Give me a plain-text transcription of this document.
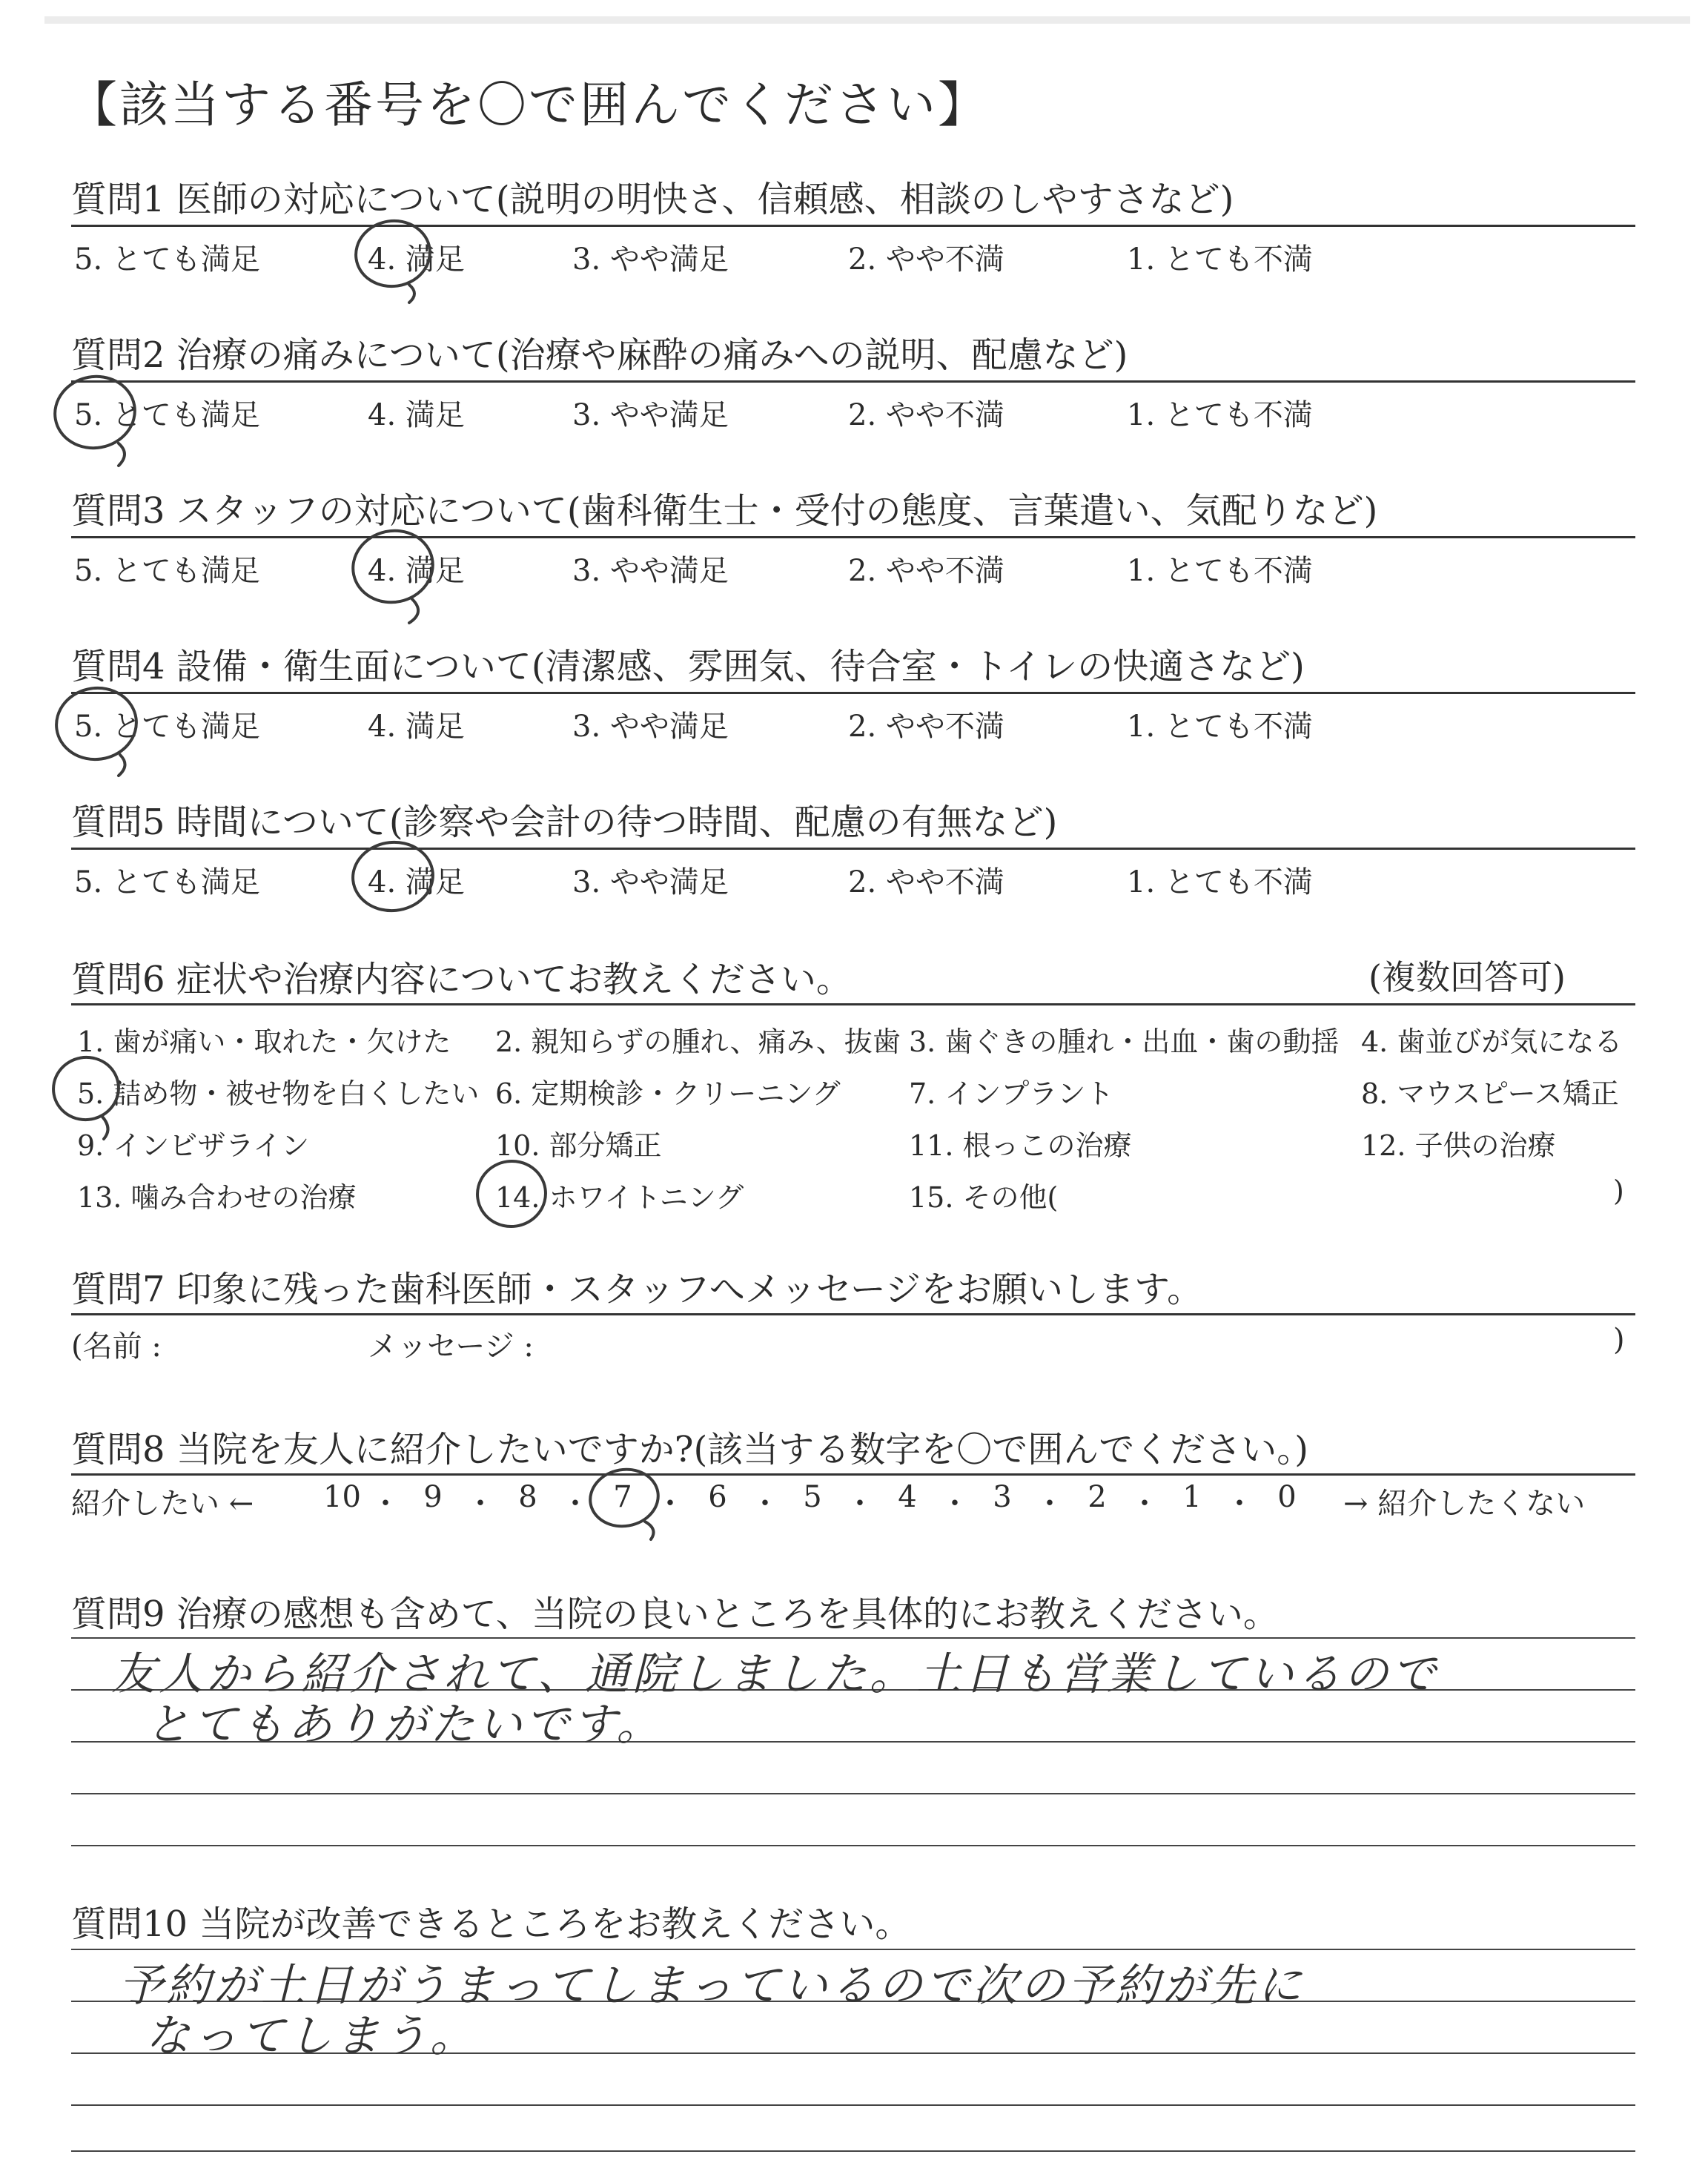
【該当する番号を〇で囲んでください】
質問1 医師の対応について(説明の明快さ、信頼感、相談のしやすさなど)
5. とても満足	4. 満足	3. やや満足	2. やや不満	1. とても不満
質問2 治療の痛みについて(治療や麻酔の痛みへの説明、配慮など)
5. とても満足	4. 満足	3. やや満足	2. やや不満	1. とても不満
質問3 スタッフの対応について(歯科衛生士・受付の態度、言葉遣い、気配りなど)
5. とても満足	4. 満足	3. やや満足	2. やや不満	1. とても不満
質問4 設備・衛生面について(清潔感、雰囲気、待合室・トイレの快適さなど)
5. とても満足	4. 満足	3. やや満足	2. やや不満	1. とても不満
質問5 時間について(診察や会計の待つ時間、配慮の有無など)
5. とても満足	4. 満足	3. やや満足	2. やや不満	1. とても不満
質問6 症状や治療内容についてお教えください。	(複数回答可)
1. 歯が痛い・取れた・欠けた 2. 親知らずの腫れ、痛み、抜歯 3. 歯ぐきの腫れ・出血・歯の動揺 4. 歯並びが気になる
5. 詰め物・被せ物を白くしたい 6. 定期検診・クリーニング 7. インプラント	8. マウスピース矯正
9. インビザライン	10. 部分矯正	11. 根っこの治療	12. 子供の治療
13. 噛み合わせの治療	14. ホワイトニング	15. その他(	)
質問7 印象に残った歯科医師・スタッフへメッセージをお願いします。
(名前 :	メッセージ :	)
質問8 当院を友人に紹介したいですか?(該当する数字を〇で囲んでください。)
紹介したい ← 10 ・ 9 ・ 8 ・ 7 ・ 6 ・ 5 ・ 4 ・ 3 ・ 2 ・ 1 ・ 0 → 紹介したくない
質問9 治療の感想も含めて、当院の良いところを具体的にお教えください。
友人から紹介されて、通院しました。土日も営業しているので
とてもありがたいです。
質問10 当院が改善できるところをお教えください。
予約が土日がうまってしまっているので次の予約が先に
なってしまう。
